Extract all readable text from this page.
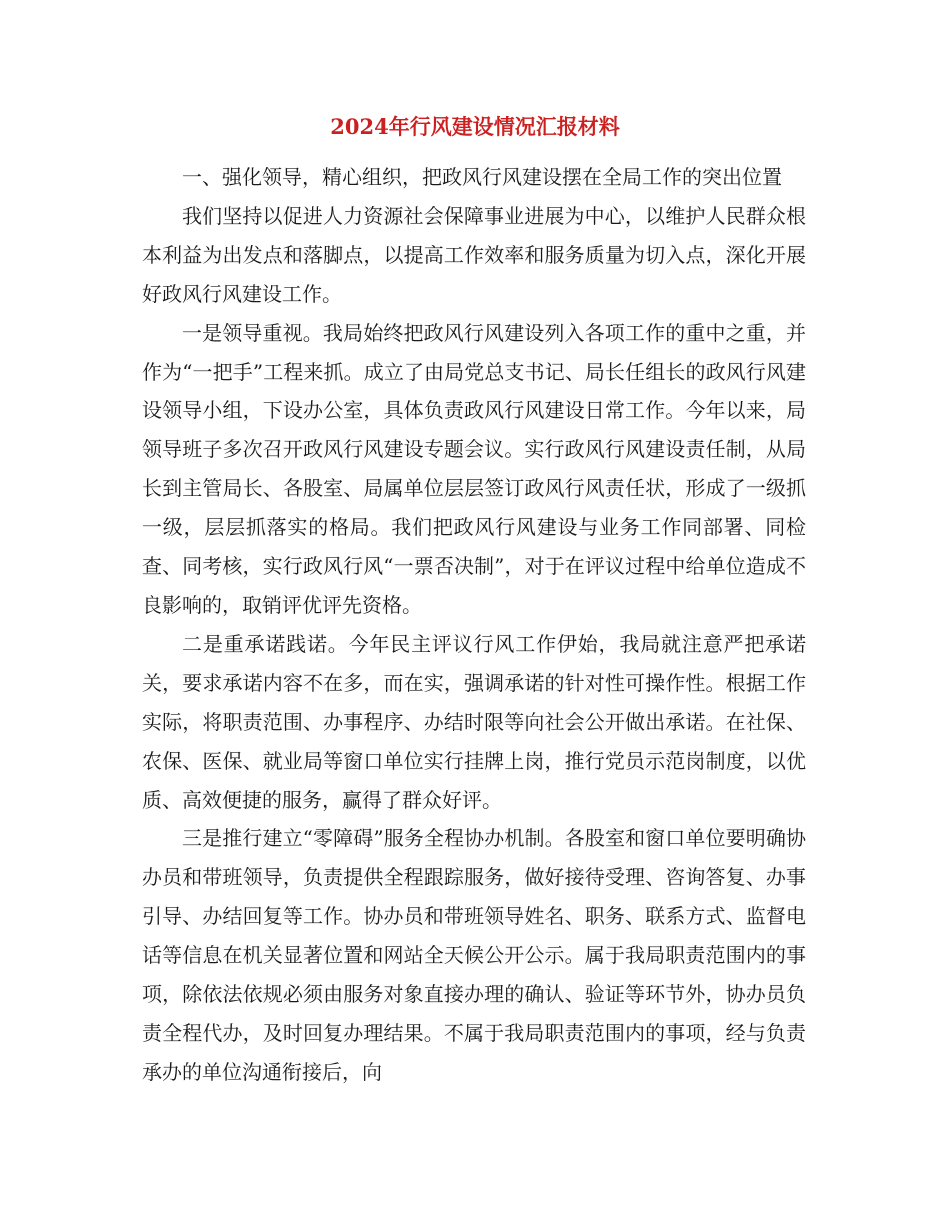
2024年行风建设情况汇报材料

一、强化领导，精心组织，把政风行风建设摆在全局工作的突出位置

我们坚持以促进人力资源社会保障事业进展为中心，以维护人民群众根本利益为出发点和落脚点，以提高工作效率和服务质量为切入点，深化开展好政风行风建设工作。

一是领导重视。我局始终把政风行风建设列入各项工作的重中之重，并作为“一把手”工程来抓。成立了由局党总支书记、局长任组长的政风行风建设领导小组，下设办公室，具体负责政风行风建设日常工作。今年以来，局领导班子多次召开政风行风建设专题会议。实行政风行风建设责任制，从局长到主管局长、各股室、局属单位层层签订政风行风责任状，形成了一级抓一级，层层抓落实的格局。我们把政风行风建设与业务工作同部署、同检查、同考核，实行政风行风“一票否决制”，对于在评议过程中给单位造成不良影响的，取销评优评先资格。

二是重承诺践诺。今年民主评议行风工作伊始，我局就注意严把承诺关，要求承诺内容不在多，而在实，强调承诺的针对性可操作性。根据工作实际，将职责范围、办事程序、办结时限等向社会公开做出承诺。在社保、农保、医保、就业局等窗口单位实行挂牌上岗，推行党员示范岗制度，以优质、高效便捷的服务，赢得了群众好评。

三是推行建立“零障碍”服务全程协办机制。各股室和窗口单位要明确协办员和带班领导，负责提供全程跟踪服务，做好接待受理、咨询答复、办事引导、办结回复等工作。协办员和带班领导姓名、职务、联系方式、监督电话等信息在机关显著位置和网站全天候公开公示。属于我局职责范围内的事项，除依法依规必须由服务对象直接办理的确认、验证等环节外，协办员负责全程代办，及时回复办理结果。不属于我局职责范围内的事项，经与负责承办的单位沟通衔接后，向
